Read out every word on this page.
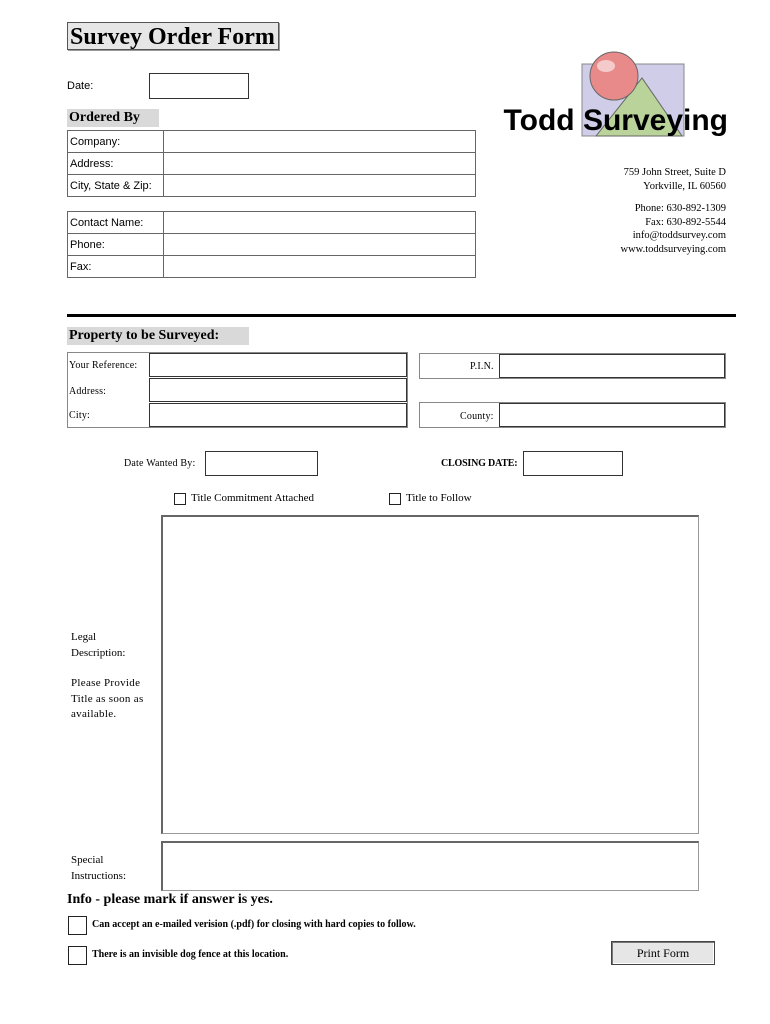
Survey Order Form
Date:
Ordered By
Company:	
Address:	
City, State & Zip:	
Contact Name:	
Phone:	
Fax:	
Todd Surveying
759 John Street, Suite D
Yorkville, IL 60560
Phone: 630-892-1309
Fax: 630-892-5544
info@toddsurvey.com
www.toddsurveying.com
Property to be Surveyed:
Your Reference:
Address:
City:
P.I.N.
County:
Date Wanted By:	CLOSING DATE:
Title Commitment Attached	Title to Follow
Legal
Description:
Please Provide
Title as soon as
available.
Special
Instructions:
Info - please mark if answer is yes.
Can accept an e-mailed verision (.pdf) for closing with hard copies to follow.
There is an invisible dog fence at this location.	Print Form
